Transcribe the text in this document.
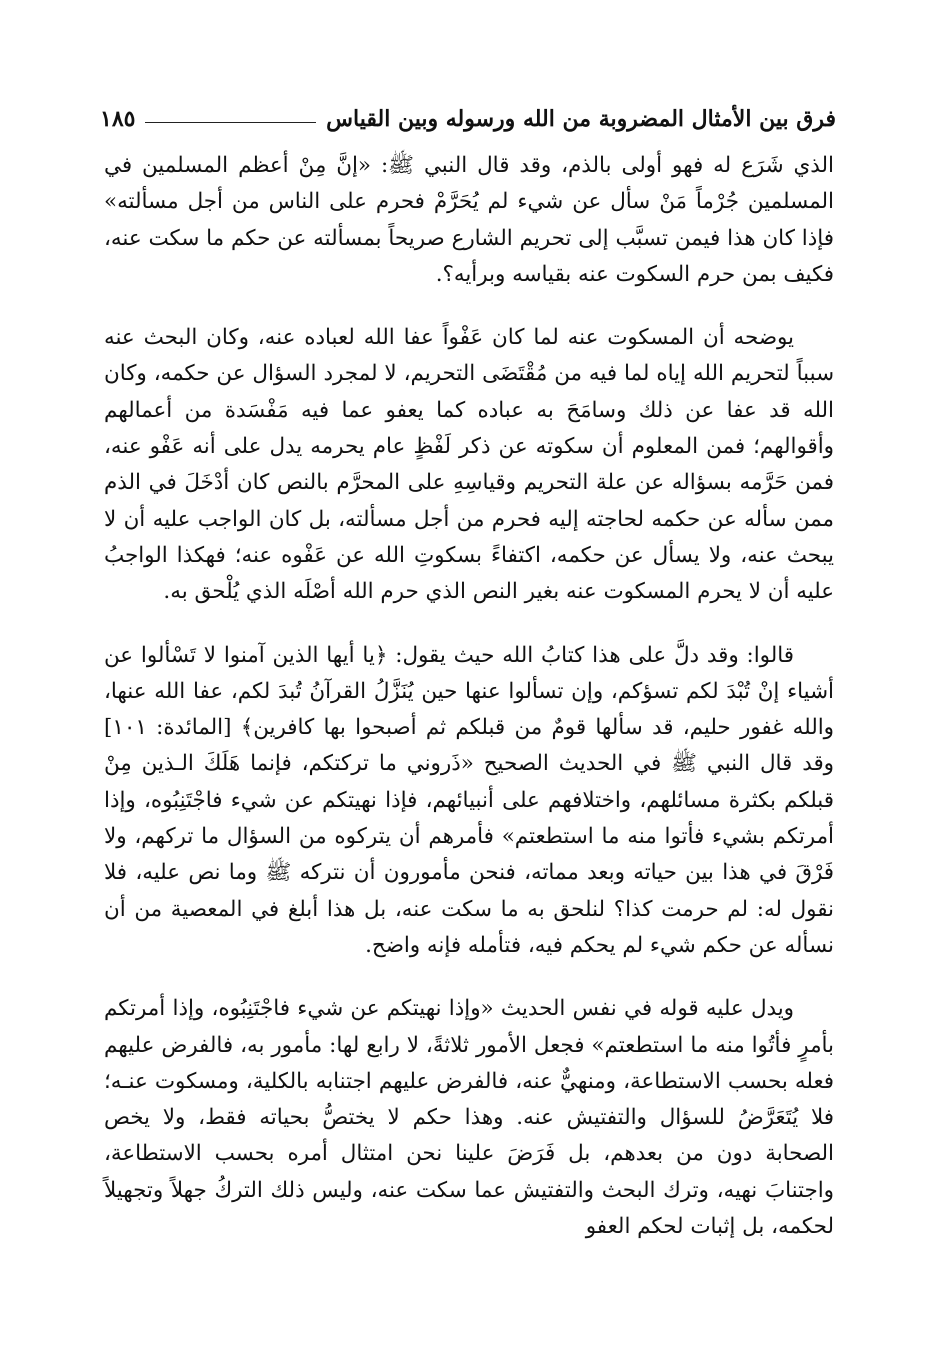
فرق بين الأمثال المضروبة من الله ورسوله وبين القياس
١٨٥

الذي شَرَع له فهو أولى بالذم، وقد قال النبي ﷺ: «إنَّ مِنْ أعظم المسلمين في المسلمين جُرْماً مَنْ سأل عن شيء لم يُحَرَّمْ فحرم على الناس من أجل مسألته» فإذا كان هذا فيمن تسبَّب إلى تحريم الشارع صريحاً بمسألته عن حكم ما سكت عنه، فكيف بمن حرم السكوت عنه بقياسه وبرأيه؟.

يوضحه أن المسكوت عنه لما كان عَفْواً عفا الله لعباده عنه، وكان البحث عنه سبباً لتحريم الله إياه لما فيه من مُقْتَضَى التحريم، لا لمجرد السؤال عن حكمه، وكان الله قد عفا عن ذلك وسامَحَ به عباده كما يعفو عما فيه مَفْسَدة من أعمالهم وأقوالهم؛ فمن المعلوم أن سكوته عن ذكر لَفْظٍ عام يحرمه يدل على أنه عَفْو عنه، فمن حَرَّمه بسؤاله عن علة التحريم وقياسِهِ على المحرَّم بالنص كان أدْخَلَ في الذم ممن سأله عن حكمه لحاجته إليه فحرم من أجل مسألته، بل كان الواجب عليه أن لا يبحث عنه، ولا يسأل عن حكمه، اكتفاءً بسكوتِ الله عن عَفْوه عنه؛ فهكذا الواجبُ عليه أن لا يحرم المسكوت عنه بغير النص الذي حرم الله أصْلَه الذي يُلْحق به.

قالوا: وقد دلَّ على هذا كتابُ الله حيث يقول: ﴿يا أيها الذين آمنوا لا تَسْألوا عن أشياء إنْ تُبْدَ لكم تسؤكم، وإن تسألوا عنها حين يُنَزَّلُ القرآنُ تُبدَ لكم، عفا الله عنها، والله غفور حليم، قد سألها قومٌ من قبلكم ثم أصبحوا بها كافرين﴾ [المائدة: ١٠١] وقد قال النبي ﷺ في الحديث الصحيح «ذَروني ما تركتكم، فإنما هَلَكَ الـذين مِنْ قبلكم بكثرة مسائلهم، واختلافهم على أنبيائهم، فإذا نهيتكم عن شيء فاجْتَنِبُوه، وإذا أمرتكم بشيء فأتوا منه ما استطعتم» فأمرهم أن يتركوه من السؤال ما تركهم، ولا فَرْقَ في هذا بين حياته وبعد مماته، فنحن مأمورون أن نتركه ﷺ وما نص عليه، فلا نقول له: لم حرمت كذا؟ لنلحق به ما سكت عنه، بل هذا أبلغ في المعصية من أن نسأله عن حكم شيء لم يحكم فيه، فتأمله فإنه واضح.

ويدل عليه قوله في نفس الحديث «وإذا نهيتكم عن شيء فاجْتَنِبُوه، وإذا أمرتكم بأمرٍ فأتُوا منه ما استطعتم» فجعل الأمور ثلاثةً، لا رابع لها: مأمور به، فالفرض عليهم فعله بحسب الاستطاعة، ومنهيٌّ عنه، فالفرض عليهم اجتنابه بالكلية، ومسكوت عنـه؛ فلا يُتَعَرَّضُ للسؤال والتفتيش عنه. وهذا حكم لا يختصُّ بحياته فقط، ولا يخص الصحابة دون من بعدهم، بل فَرَضَ علينا نحن امتثال أمره بحسب الاستطاعة، واجتنابَ نهيه، وترك البحث والتفتيش عما سكت عنه، وليس ذلك التركُ جهلاً وتجهيلاً لحكمه، بل إثبات لحكم العفو
